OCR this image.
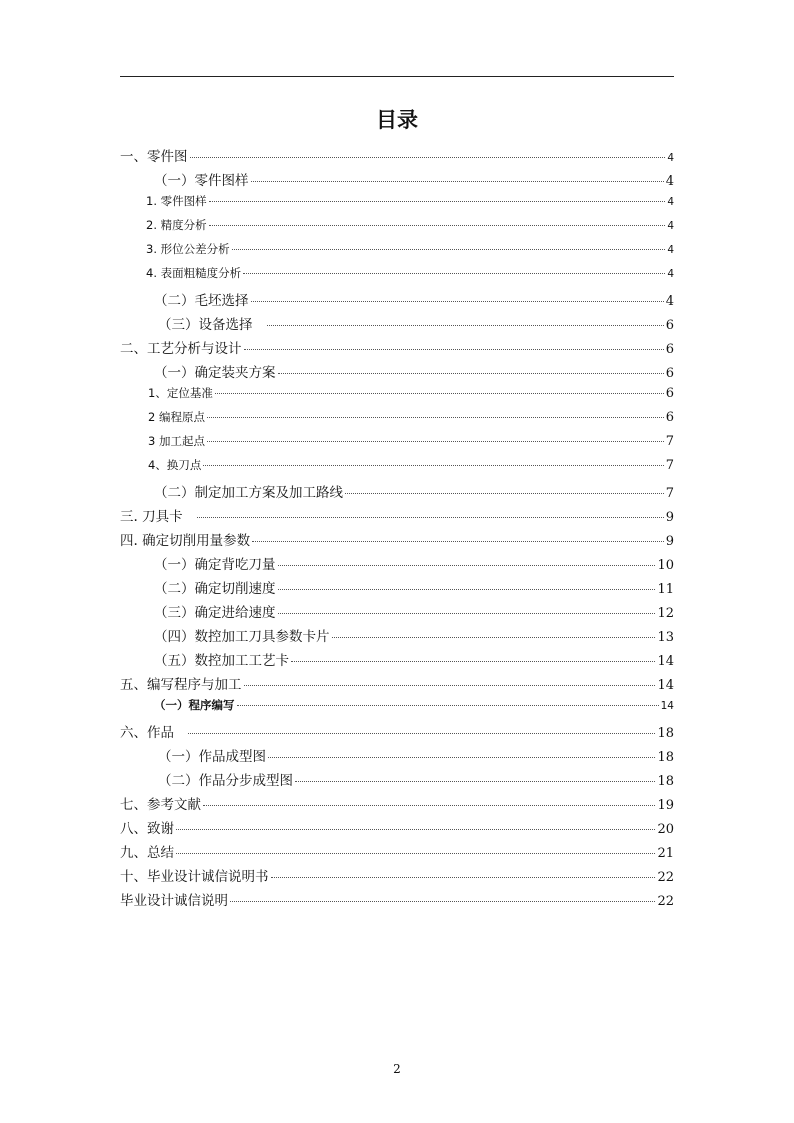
目录
一、零件图	4
（一）零件图样	4
1. 零件图样	4
2. 精度分析	4
3. 形位公差分析	4
4. 表面粗糙度分析	4
（二）毛坯选择	4
（三）设备选择	6
二、工艺分析与设计	6
（一）确定装夹方案	6
1、定位基准	6
2 编程原点	6
3 加工起点	7
4、换刀点	7
（二）制定加工方案及加工路线	7
三. 刀具卡	9
四. 确定切削用量参数	9
（一）确定背吃刀量	10
（二）确定切削速度	11
（三）确定进给速度	12
（四）数控加工刀具参数卡片	13
（五）数控加工工艺卡	14
五、编写程序与加工	14
（一）程序编写	14
六、作品	18
（一）作品成型图	18
（二）作品分步成型图	18
七、参考文献	19
八、致谢	20
九、总结	21
十、毕业设计诚信说明书	22
毕业设计诚信说明	22
2
